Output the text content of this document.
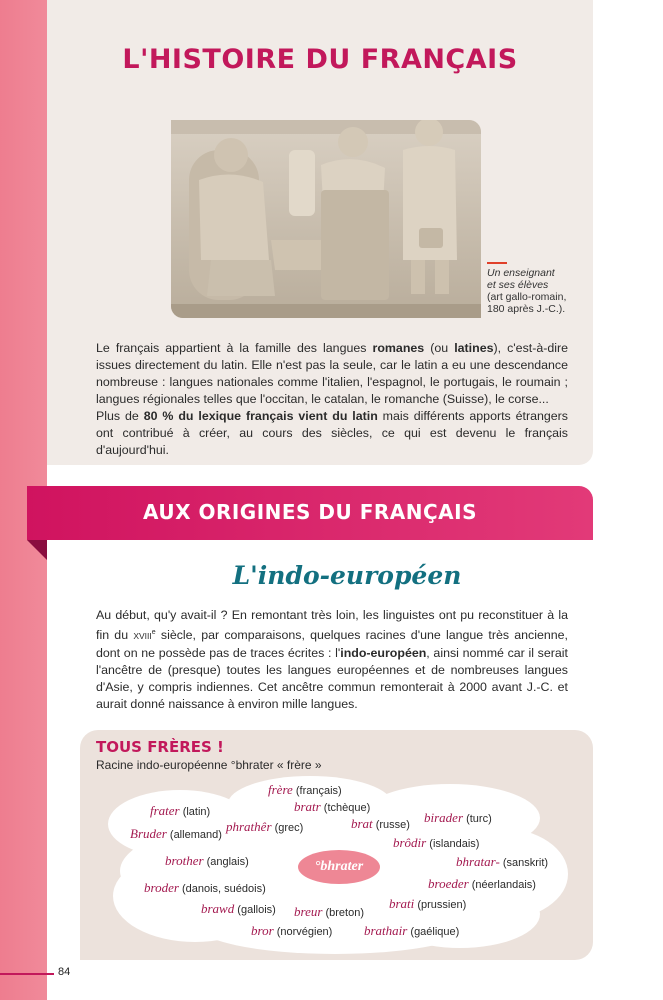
L'HISTOIRE DU FRANÇAIS
Un enseignant
et ses élèves
(art gallo-romain,
180 après J.-C.).
Le français appartient à la famille des langues romanes (ou latines), c'est-à-dire issues directement du latin. Elle n'est pas la seule, car le latin a eu une descendance nombreuse : langues nationales comme l'italien, l'espagnol, le portugais, le roumain ; langues régionales telles que l'occitan, le catalan, le romanche (Suisse), le corse...
Plus de 80 % du lexique français vient du latin mais différents apports étrangers ont contribué à créer, au cours des siècles, ce qui est devenu le français d'aujourd'hui.
AUX ORIGINES DU FRANÇAIS
L'indo-européen
Au début, qu'y avait-il ? En remontant très loin, les linguistes ont pu reconstituer à la fin du XVIIIe siècle, par comparaisons, quelques racines d'une langue très ancienne, dont on ne possède pas de traces écrites : l'indo-européen, ainsi nommé car il serait l'ancêtre de (presque) toutes les langues européennes et de nombreuses langues d'Asie, y compris indiennes. Cet ancêtre commun remonterait à 2000 avant J.-C. et aurait donné naissance à environ mille langues.
TOUS FRÈRES !
Racine indo-européenne °bhrater « frère »
°bhrater
frère (français)
frater (latin)	bratr (tchèque)
birader (turc)
Bruder (allemand)
phrathêr (grec)	brat (russe)
brôdir (islandais)
brother (anglais)	bhratar- (sanskrit)
broder (danois, suédois)	broeder (néerlandais)
brawd (gallois) breur (breton)
brati (prussien)
bror (norvégien) brathair (gaélique)
84
